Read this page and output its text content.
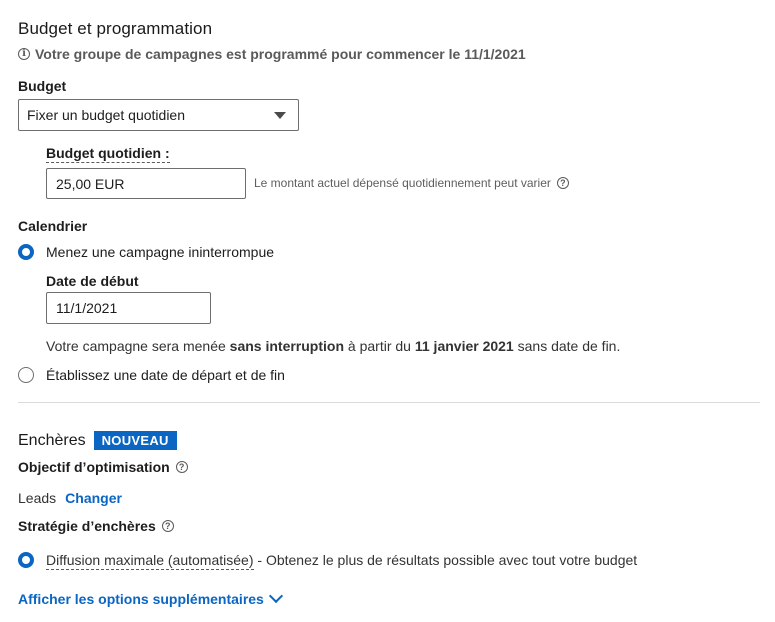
Budget et programmation
i Votre groupe de campagnes est programmé pour commencer le 11/1/2021
Budget
Fixer un budget quotidien
Budget quotidien :
25,00 EUR	Le montant actuel dépensé quotidiennement peut varier	?
Calendrier
Menez une campagne ininterrompue
Date de début
11/1/2021
Votre campagne sera menée sans interruption à partir du 11 janvier 2021 sans date de fin.
Établissez une date de départ et de fin
Enchères	NOUVEAU
Objectif d’optimisation	?
Leads Changer
Stratégie d’enchères	?
Diffusion maximale (automatisée) - Obtenez le plus de résultats possible avec tout votre budget
Afficher les options supplémentaires
